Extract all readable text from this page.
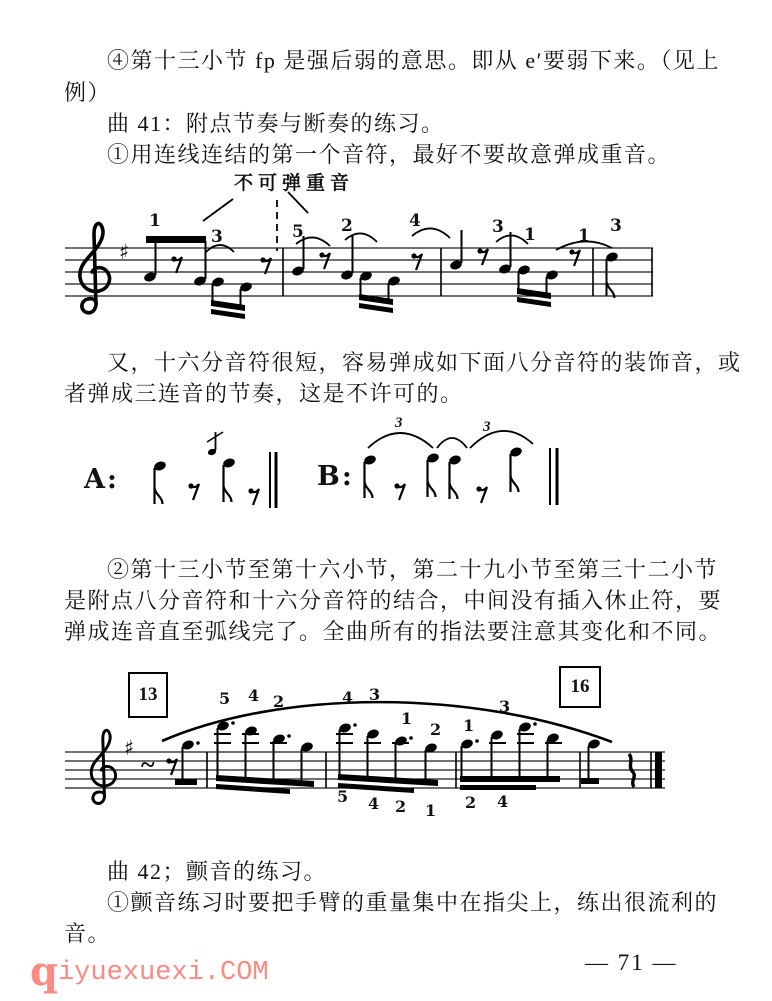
④第十三小节 fp 是强后弱的意思。即从 e′要弱下来。（见上
例）
曲 41：附点节奏与断奏的练习。
①用连线连结的第一个音符，最好不要故意弹成重音。
不可弹重音
♯
1
3	5 2	4	3 1 1 3
又，十六分音符很短，容易弹成如下面八分音符的装饰音，或
者弹成三连音的节奏，这是不许可的。
A:	B:
3	3
②第十三小节至第十六小节，第二十九小节至第三十二小节
是附点八分音符和十六分音符的结合，中间没有插入休止符，要
弹成连音直至弧线完了。全曲所有的指法要注意其变化和不同。
13	16
♯
~
5 4 2	4 3
1
2 1
3
5 4 2 1 2 4
曲 42；颤音的练习。
①颤音练习时要把手臂的重量集中在指尖上，练出很流利的
音。
qiyuexuexi.COM	— 71 —
